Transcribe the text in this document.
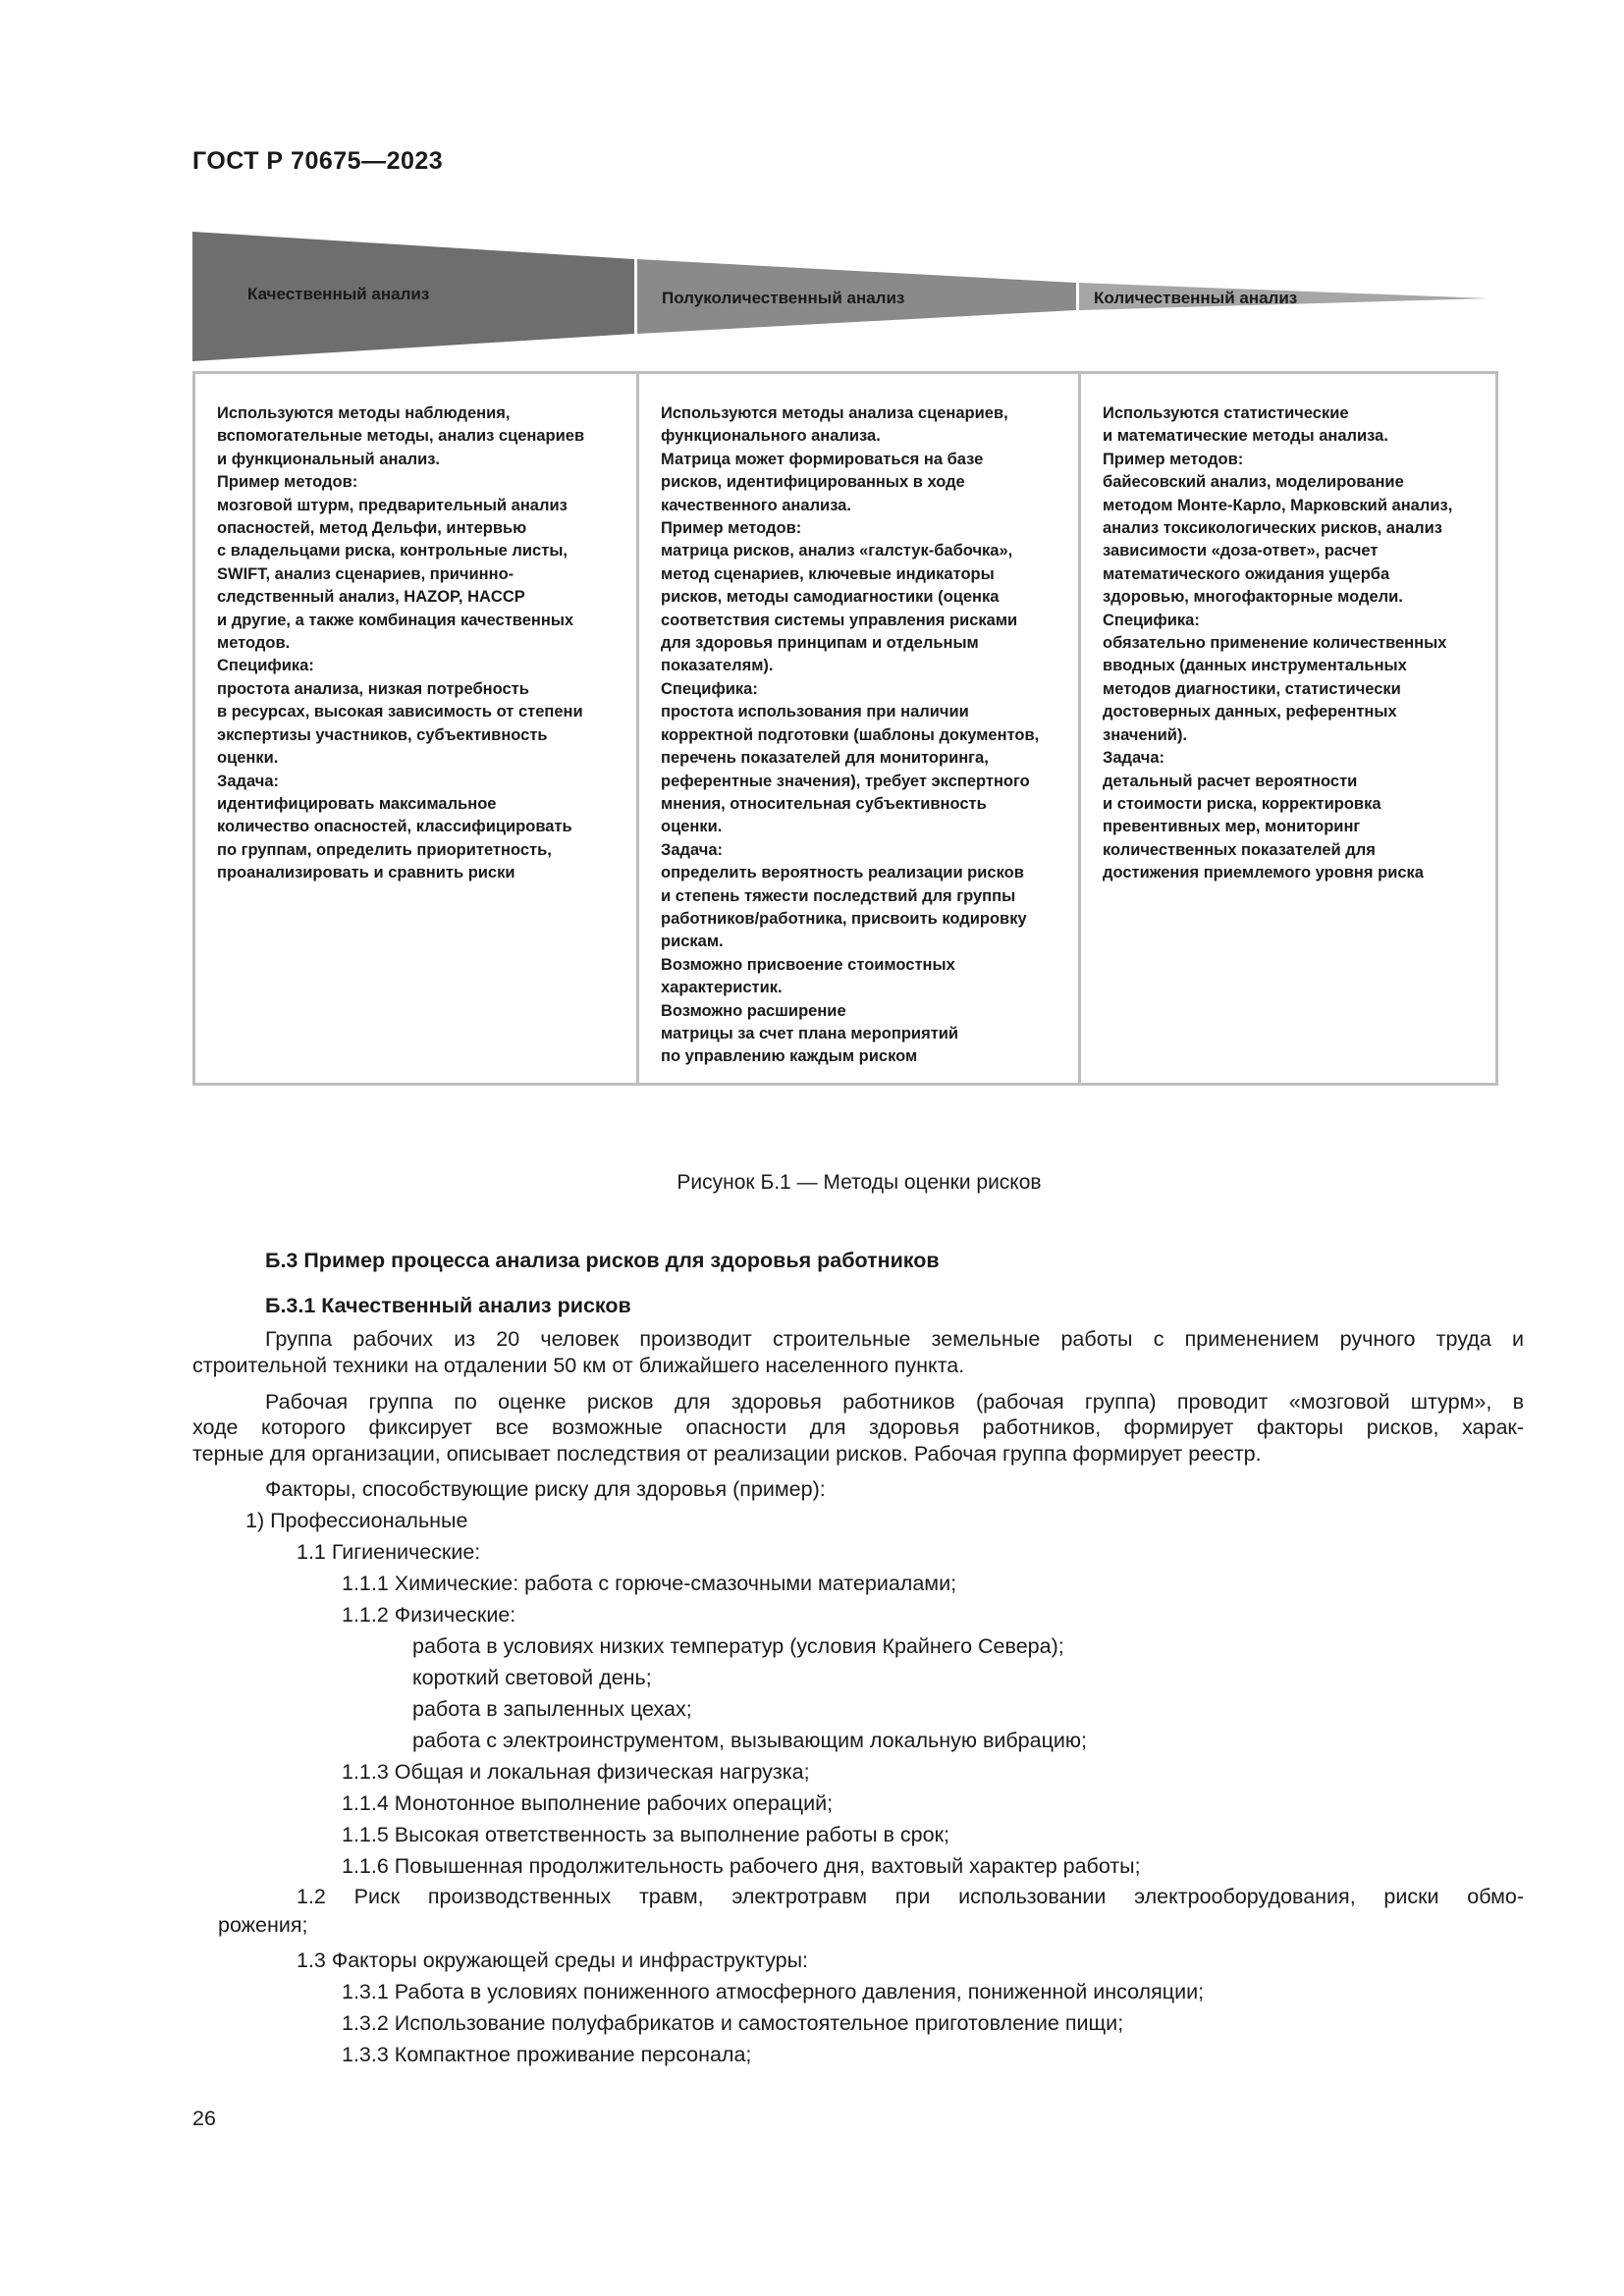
ГОСТ Р 70675—2023
Качественный анализ	Полуколичественный анализ	Количественный анализ
Используются методы наблюдения,
вспомогательные методы, анализ сценариев
и функциональный анализ.
Пример методов:
мозговой штурм, предварительный анализ
опасностей, метод Дельфи, интервью
с владельцами риска, контрольные листы,
SWIFT, анализ сценариев, причинно-
следственный анализ, HAZOP, HACCP
и другие, а также комбинация качественных
методов.
Специфика:
простота анализа, низкая потребность
в ресурсах, высокая зависимость от степени
экспертизы участников, субъективность
оценки.
Задача:
идентифицировать максимальное
количество опасностей, классифицировать
по группам, определить приоритетность,
проанализировать и сравнить риски
Используются методы анализа сценариев,
функционального анализа.
Матрица может формироваться на базе
рисков, идентифицированных в ходе
качественного анализа.
Пример методов:
матрица рисков, анализ «галстук-бабочка»,
метод сценариев, ключевые индикаторы
рисков, методы самодиагностики (оценка
соответствия системы управления рисками
для здоровья принципам и отдельным
показателям).
Специфика:
простота использования при наличии
корректной подготовки (шаблоны документов,
перечень показателей для мониторинга,
референтные значения), требует экспертного
мнения, относительная субъективность
оценки.
Задача:
определить вероятность реализации рисков
и степень тяжести последствий для группы
работников/работника, присвоить кодировку
рискам.
Возможно присвоение стоимостных
характеристик.
Возможно расширение
матрицы за счет плана мероприятий
по управлению каждым риском
Используются статистические
и математические методы анализа.
Пример методов:
байесовский анализ, моделирование
методом Монте-Карло, Марковский анализ,
анализ токсикологических рисков, анализ
зависимости «доза-ответ», расчет
математического ожидания ущерба
здоровью, многофакторные модели.
Специфика:
обязательно применение количественных
вводных (данных инструментальных
методов диагностики, статистически
достоверных данных, референтных
значений).
Задача:
детальный расчет вероятности
и стоимости риска, корректировка
превентивных мер, мониторинг
количественных показателей для
достижения приемлемого уровня риска
Рисунок Б.1 — Методы оценки рисков
Б.3 Пример процесса анализа рисков для здоровья работников
Б.3.1 Качественный анализ рисков
Группа рабочих из 20 человек производит строительные земельные работы с применением ручного труда и
строительной техники на отдалении 50 км от ближайшего населенного пункта.
Рабочая группа по оценке рисков для здоровья работников (рабочая группа) проводит «мозговой штурм», в
ходе которого фиксирует все возможные опасности для здоровья работников, формирует факторы рисков, харак-
терные для организации, описывает последствия от реализации рисков. Рабочая группа формирует реестр.
Факторы, способствующие риску для здоровья (пример):
1) Профессиональные
1.1 Гигиенические:
1.1.1 Химические: работа с горюче-смазочными материалами;
1.1.2 Физические:
работа в условиях низких температур (условия Крайнего Севера);
короткий световой день;
работа в запыленных цехах;
работа с электроинструментом, вызывающим локальную вибрацию;
1.1.3 Общая и локальная физическая нагрузка;
1.1.4 Монотонное выполнение рабочих операций;
1.1.5 Высокая ответственность за выполнение работы в срок;
1.1.6 Повышенная продолжительность рабочего дня, вахтовый характер работы;
1.2 Риск производственных травм, электротравм при использовании электрооборудования, риски обмо-
рожения;
1.3 Факторы окружающей среды и инфраструктуры:
1.3.1 Работа в условиях пониженного атмосферного давления, пониженной инсоляции;
1.3.2 Использование полуфабрикатов и самостоятельное приготовление пищи;
1.3.3 Компактное проживание персонала;
26
